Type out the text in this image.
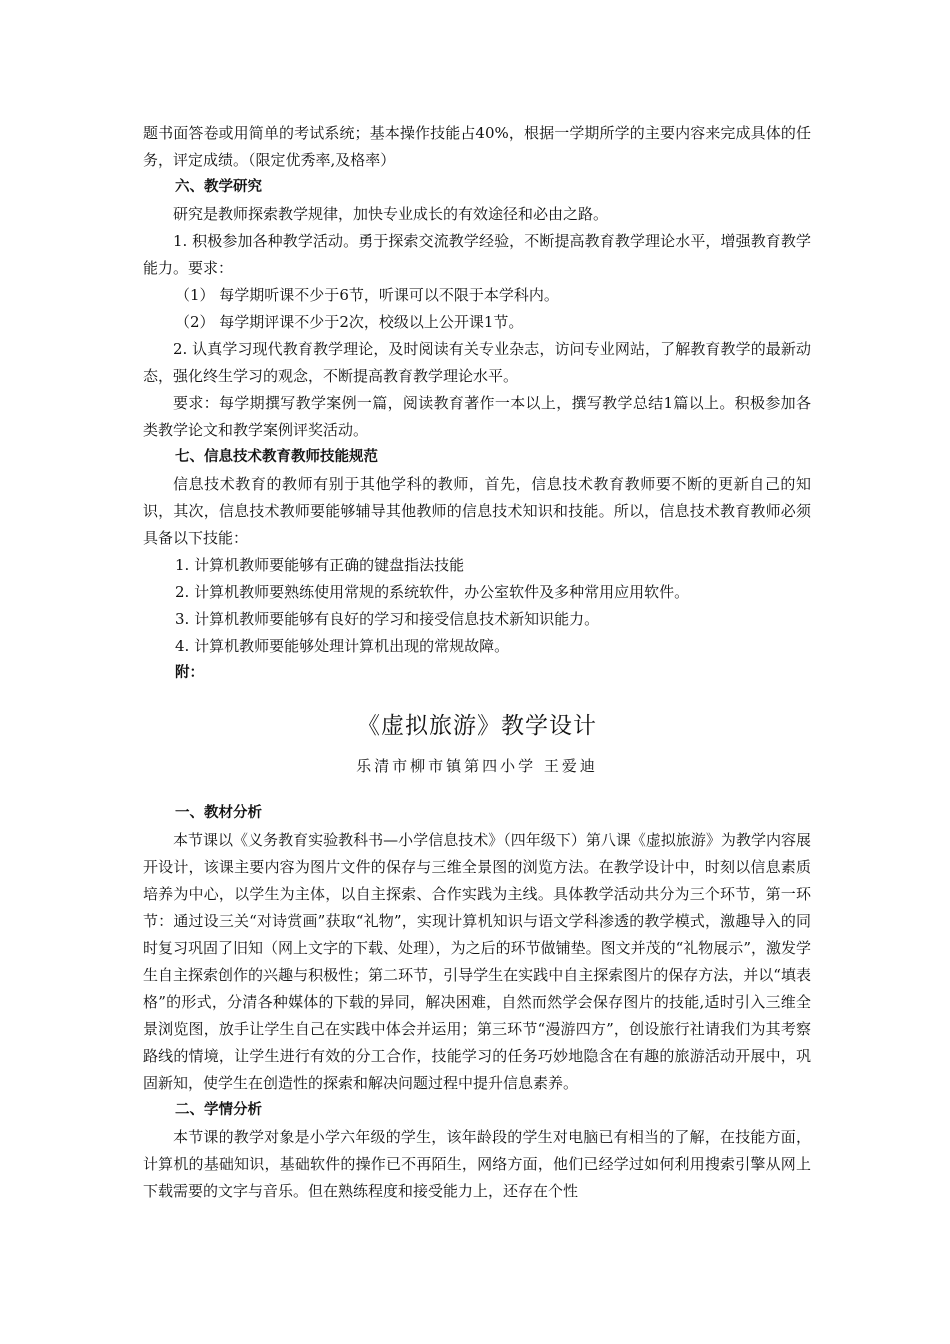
题书面答卷或用简单的考试系统；基本操作技能占40%，根据一学期所学的主要内容来完成具体的任务，评定成绩。（限定优秀率,及格率）

六、教学研究

研究是教师探索教学规律，加快专业成长的有效途径和必由之路。

1. 积极参加各种教学活动。勇于探索交流教学经验，不断提高教育教学理论水平，增强教育教学能力。要求：

（1） 每学期听课不少于6节，听课可以不限于本学科内。

（2） 每学期评课不少于2次，校级以上公开课1节。

2. 认真学习现代教育教学理论，及时阅读有关专业杂志，访问专业网站，了解教育教学的最新动态，强化终生学习的观念，不断提高教育教学理论水平。

要求：每学期撰写教学案例一篇，阅读教育著作一本以上，撰写教学总结1篇以上。积极参加各类教学论文和教学案例评奖活动。

七、信息技术教育教师技能规范

信息技术教育的教师有别于其他学科的教师，首先，信息技术教育教师要不断的更新自己的知识，其次，信息技术教师要能够辅导其他教师的信息技术知识和技能。所以，信息技术教育教师必须具备以下技能：

1. 计算机教师要能够有正确的键盘指法技能

2. 计算机教师要熟练使用常规的系统软件，办公室软件及多种常用应用软件。

3. 计算机教师要能够有良好的学习和接受信息技术新知识能力。

4. 计算机教师要能够处理计算机出现的常规故障。

附：

《虚拟旅游》教学设计
乐清市柳市镇第四小学 王爱迪

一、教材分析

本节课以《义务教育实验教科书—小学信息技术》（四年级下）第八课《虚拟旅游》为教学内容展开设计，该课主要内容为图片文件的保存与三维全景图的浏览方法。在教学设计中，时刻以信息素质培养为中心，以学生为主体，以自主探索、合作实践为主线。具体教学活动共分为三个环节，第一环节：通过设三关“对诗赏画”获取“礼物”，实现计算机知识与语文学科渗透的教学模式，激趣导入的同时复习巩固了旧知（网上文字的下载、处理），为之后的环节做铺垫。图文并茂的“礼物展示”，激发学生自主探索创作的兴趣与积极性；第二环节，引导学生在实践中自主探索图片的保存方法，并以“填表格”的形式，分清各种媒体的下载的异同，解决困难，自然而然学会保存图片的技能,适时引入三维全景浏览图，放手让学生自己在实践中体会并运用；第三环节“漫游四方”，创设旅行社请我们为其考察路线的情境，让学生进行有效的分工合作，技能学习的任务巧妙地隐含在有趣的旅游活动开展中，巩固新知，使学生在创造性的探索和解决问题过程中提升信息素养。

二、学情分析

本节课的教学对象是小学六年级的学生，该年龄段的学生对电脑已有相当的了解，在技能方面，计算机的基础知识，基础软件的操作已不再陌生，网络方面，他们已经学过如何利用搜索引擎从网上下载需要的文字与音乐。但在熟练程度和接受能力上，还存在个性
